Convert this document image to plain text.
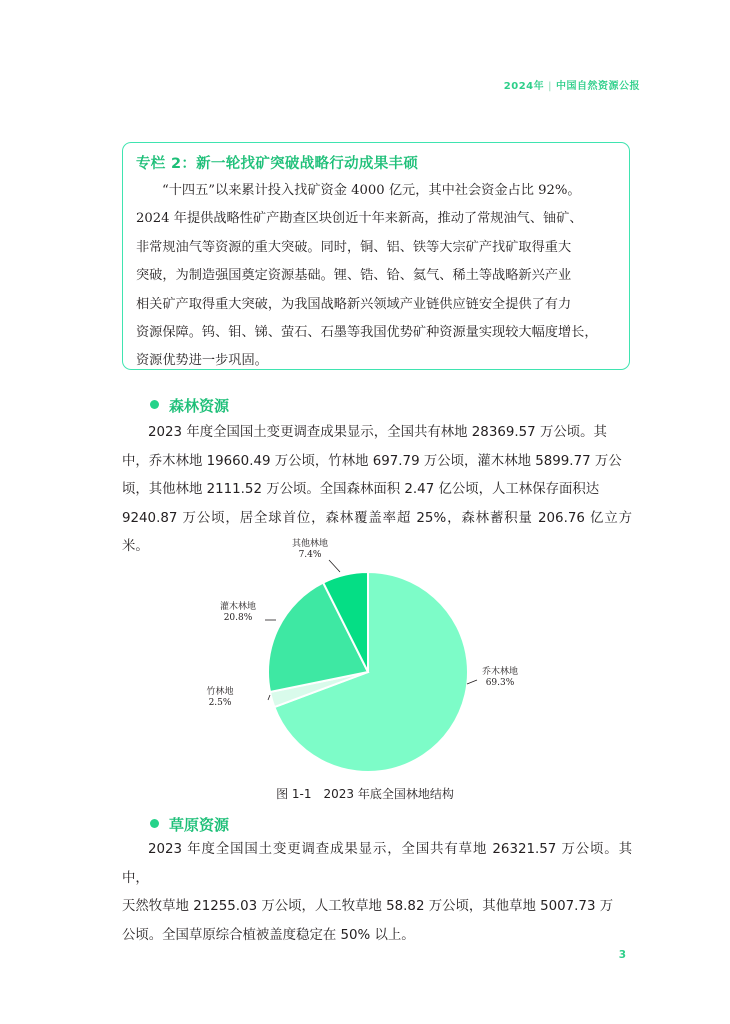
2024年 | 中国自然资源公报
专栏 2：新一轮找矿突破战略行动成果丰硕
“十四五”以来累计投入找矿资金 4000 亿元，其中社会资金占比 92%。
2024 年提供战略性矿产勘查区块创近十年来新高，推动了常规油气、铀矿、
非常规油气等资源的重大突破。同时，铜、铝、铁等大宗矿产找矿取得重大
突破，为制造强国奠定资源基础。锂、锆、铪、氦气、稀土等战略新兴产业
相关矿产取得重大突破，为我国战略新兴领域产业链供应链安全提供了有力
资源保障。钨、钼、锑、萤石、石墨等我国优势矿种资源量实现较大幅度增长，
资源优势进一步巩固。
森林资源
2023 年度全国国土变更调查成果显示，全国共有林地 28369.57 万公顷。其
中，乔木林地 19660.49 万公顷，竹林地 697.79 万公顷，灌木林地 5899.77 万公
顷，其他林地 2111.52 万公顷。全国森林面积 2.47 亿公顷，人工林保存面积达
9240.87 万公顷，居全球首位，森林覆盖率超 25%，森林蓄积量 206.76 亿立方米。
乔木林地
69.3%
竹林地
2.5%
灌木林地
20.8%
其他林地
7.4%
图 1-1　2023 年底全国林地结构
草原资源
2023 年度全国国土变更调查成果显示，全国共有草地 26321.57 万公顷。其中，
天然牧草地 21255.03 万公顷，人工牧草地 58.82 万公顷，其他草地 5007.73 万
公顷。全国草原综合植被盖度稳定在 50% 以上。
3
